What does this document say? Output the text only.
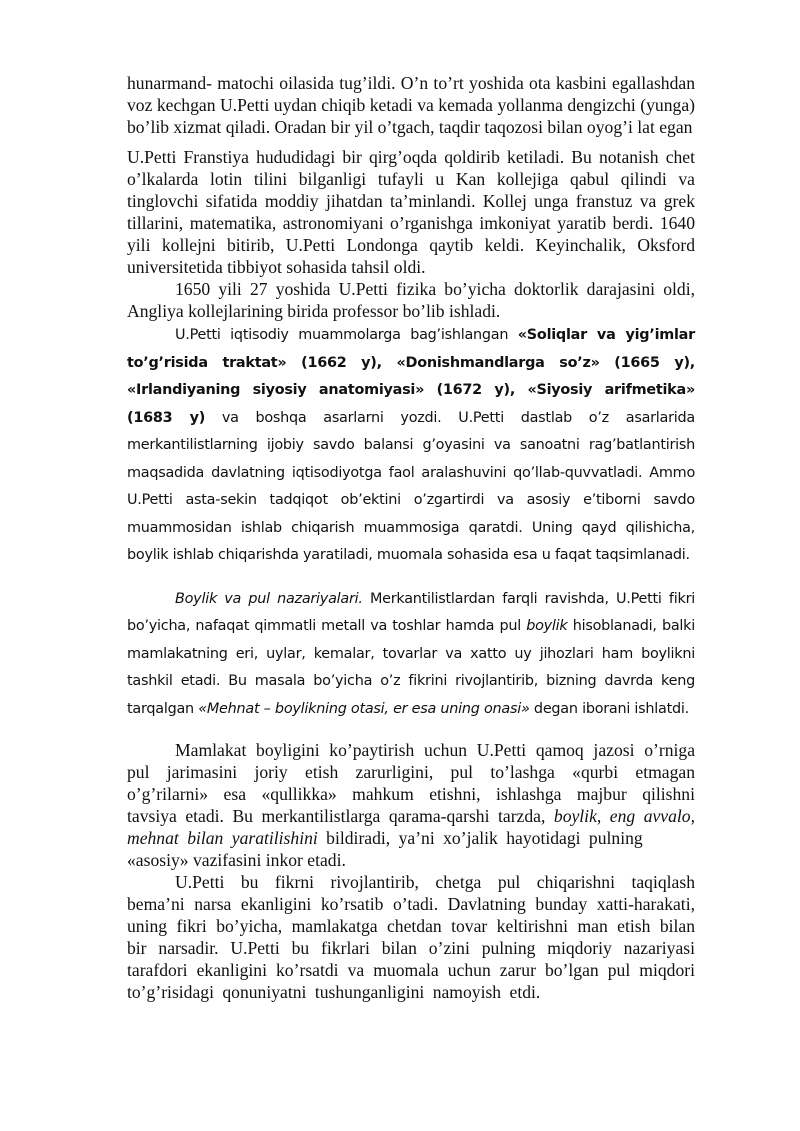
hunarmand- matochi oilasida tug’ildi. O’n to’rt yoshida ota kasbini egallashdan voz kechgan U.Petti uydan chiqib ketadi va kemada yollanma dengizchi (yunga) bo’lib xizmat qiladi. Oradan bir yil o’tgach, taqdir taqozosi bilan oyog’i lat egan

U.Petti Franstiya hududidagi bir qirg’oqda qoldirib ketiladi. Bu notanish chet o’lkalarda lotin tilini bilganligi tufayli u Kan kollejiga qabul qilindi va tinglovchi sifatida moddiy jihatdan ta’minlandi. Kollej unga franstuz va grek tillarini, matematika, astronomiyani o’rganishga imkoniyat yaratib berdi. 1640 yili kollejni bitirib, U.Petti Londonga qaytib keldi. Keyinchalik, Oksford universitetida tibbiyot sohasida tahsil oldi.

1650 yili 27 yoshida U.Petti fizika bo’yicha doktorlik darajasini oldi, Angliya kollejlarining birida professor bo’lib ishladi.

U.Petti iqtisodiy muammolarga bag’ishlangan «Soliqlar va yig’imlar to’g’risida traktat» (1662 y), «Donishmandlarga so’z» (1665 y), «Irlandiyaning siyosiy anatomiyasi» (1672 y), «Siyosiy arifmetika» (1683 y) va boshqa asarlarni yozdi. U.Petti dastlab o’z asarlarida merkantilistlarning ijobiy savdo balansi g’oyasini va sanoatni rag’batlantirish maqsadida davlatning iqtisodiyotga faol aralashuvini qo’llab-quvvatladi. Ammo U.Petti asta-sekin tadqiqot ob’ektini o’zgartirdi va asosiy e’tiborni savdo muammosidan ishlab chiqarish muammosiga qaratdi. Uning qayd qilishicha, boylik ishlab chiqarishda yaratiladi, muomala sohasida esa u faqat taqsimlanadi.

Boylik va pul nazariyalari. Merkantilistlardan farqli ravishda, U.Petti fikri bo’yicha, nafaqat qimmatli metall va toshlar hamda pul boylik hisoblanadi, balki mamlakatning eri, uylar, kemalar, tovarlar va xatto uy jihozlari ham boylikni tashkil etadi. Bu masala bo’yicha o’z fikrini rivojlantirib, bizning davrda keng tarqalgan «Mehnat – boylikning otasi, er esa uning onasi» degan iborani ishlatdi.

Mamlakat boyligini ko’paytirish uchun U.Petti qamoq jazosi o’rniga pul jarimasini joriy etish zarurligini, pul to’lashga «qurbi etmagan o’g’rilarni» esa «qullikka» mahkum etishni, ishlashga majbur qilishni tavsiya etadi. Bu merkantilistlarga qarama-qarshi tarzda, boylik, eng avvalo, mehnat bilan yaratilishini bildiradi, ya’ni xo’jalik hayotidagi pulning

«asosiy» vazifasini inkor etadi.

U.Petti bu fikrni rivojlantirib, chetga pul chiqarishni taqiqlash bema’ni narsa ekanligini ko’rsatib o’tadi. Davlatning bunday xatti-harakati, uning fikri bo’yicha, mamlakatga chetdan tovar keltirishni man etish bilan bir narsadir. U.Petti bu fikrlari bilan o’zini pulning miqdoriy nazariyasi tarafdori ekanligini ko’rsatdi va muomala uchun zarur bo’lgan pul miqdori to’g’risidagi qonuniyatni tushunganligini namoyish etdi.
